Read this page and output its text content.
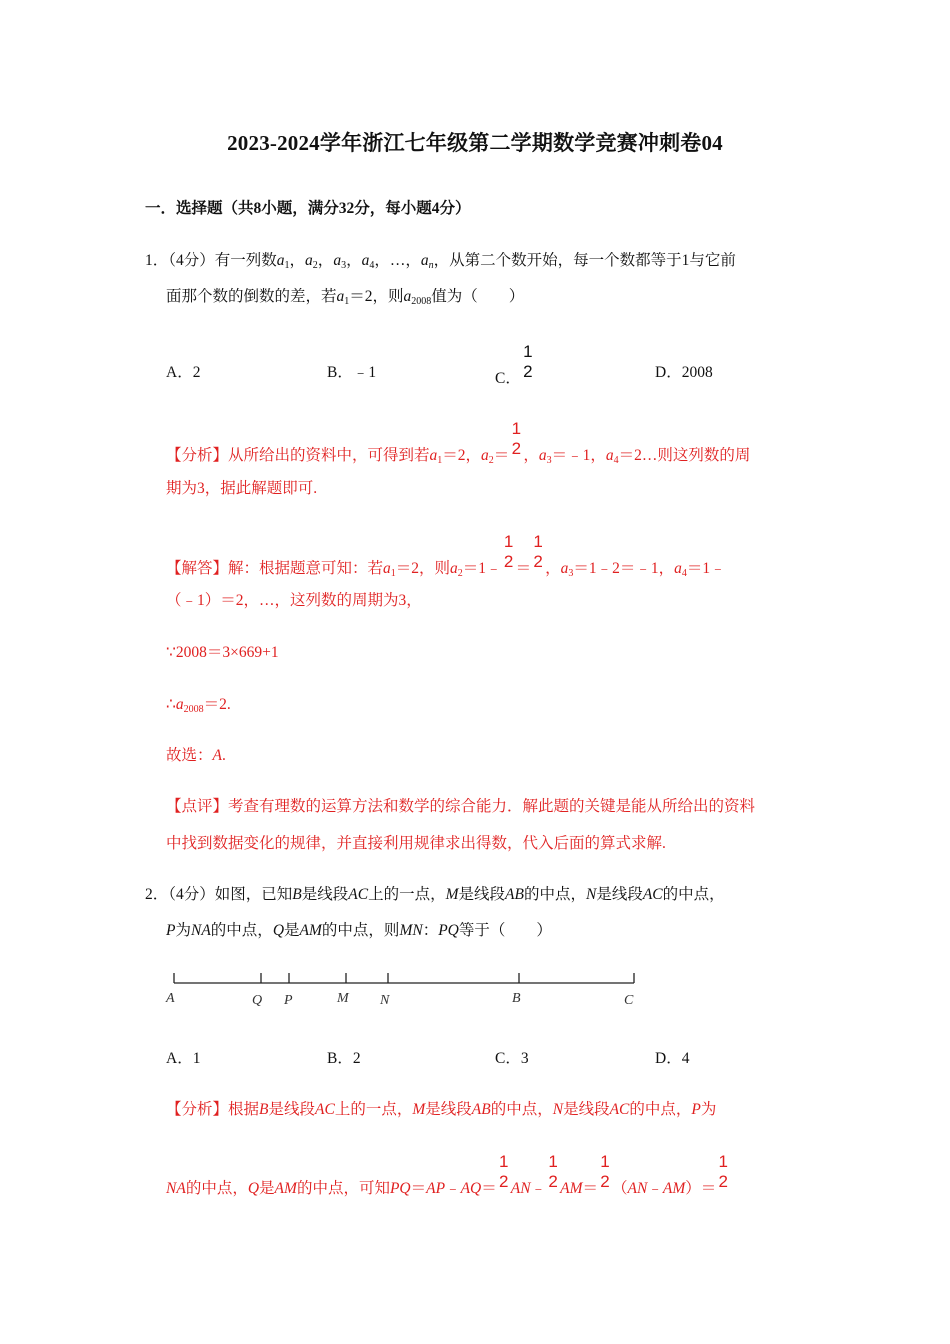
2023-2024学年浙江七年级第二学期数学竞赛冲刺卷04
一．选择题（共8小题，满分32分，每小题4分）
1．（4分）有一列数$a_1$，$a_2$，$a_3$，$a_4$，…，$a_n$，从第二个数开始，每一个数都等于1与它前
面那个数的倒数的差，若$a_1=2$，则$a_{2008}$值为（　　）
A．2	B．﹣1	C．
1
2	D．2008
【分析】从所给出的资料中，可得到若$a_1=2$，$a_2=$
1
2 ，$a_3=﹣1$，$a_4=2\dots$则这列数的周
期为3，据此解题即可.
【解答】解：根据题意可知：若$a_1=2$，则$a_2=1﹣$
1
2 ＝
1
2 ，$a_3=1﹣2=﹣1$，$a_4=1﹣$
（﹣1）＝2，…，这列数的周期为3，
∵2008＝3×669+1
$\therefore a_{2008}=2$.
故选：A.
【点评】考查有理数的运算方法和数学的综合能力．解此题的关键是能从所给出的资料
中找到数据变化的规律，并直接利用规律求出得数，代入后面的算式求解.
2．（4分）如图，已知B是线段AC上的一点，M是线段AB的中点，N是线段AC的中点，
P为NA的中点，Q是AM的中点，则MN：PQ等于（　　）
A	Q P	M N	B	C
A．1	B．2	C．3	D．4
【分析】根据B是线段AC上的一点，M是线段AB的中点，N是线段AC的中点，P为
NA的中点，Q是AM的中点，可知PQ＝AP﹣AQ＝
1
2 AN﹣
1
2 AM＝
1
2 （AN﹣AM）＝
1
2
